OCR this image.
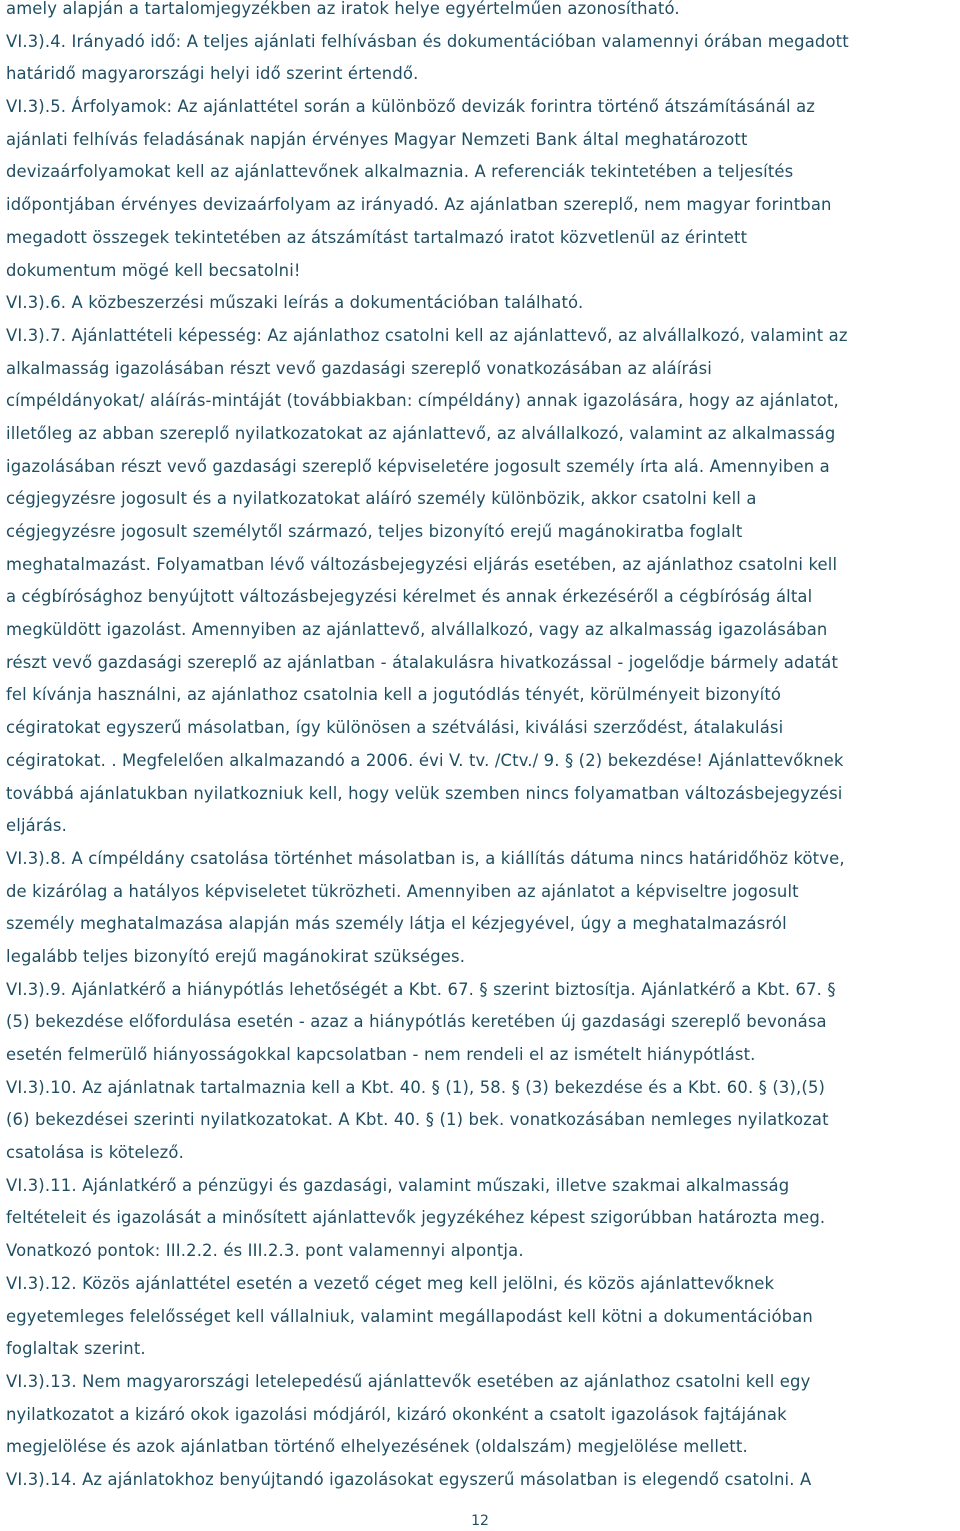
amely alapján a tartalomjegyzékben az iratok helye egyértelműen azonosítható.
VI.3).4. Irányadó idő: A teljes ajánlati felhívásban és dokumentációban valamennyi órában megadott
határidő magyarországi helyi idő szerint értendő.
VI.3).5. Árfolyamok: Az ajánlattétel során a különböző devizák forintra történő átszámításánál az
ajánlati felhívás feladásának napján érvényes Magyar Nemzeti Bank által meghatározott
devizaárfolyamokat kell az ajánlattevőnek alkalmaznia. A referenciák tekintetében a teljesítés
időpontjában érvényes devizaárfolyam az irányadó. Az ajánlatban szereplő, nem magyar forintban
megadott összegek tekintetében az átszámítást tartalmazó iratot közvetlenül az érintett
dokumentum mögé kell becsatolni!
VI.3).6. A közbeszerzési műszaki leírás a dokumentációban található.
VI.3).7. Ajánlattételi képesség: Az ajánlathoz csatolni kell az ajánlattevő, az alvállalkozó, valamint az
alkalmasság igazolásában részt vevő gazdasági szereplő vonatkozásában az aláírási
címpéldányokat/ aláírás-mintáját (továbbiakban: címpéldány) annak igazolására, hogy az ajánlatot,
illetőleg az abban szereplő nyilatkozatokat az ajánlattevő, az alvállalkozó, valamint az alkalmasság
igazolásában részt vevő gazdasági szereplő képviseletére jogosult személy írta alá. Amennyiben a
cégjegyzésre jogosult és a nyilatkozatokat aláíró személy különbözik, akkor csatolni kell a
cégjegyzésre jogosult személytől származó, teljes bizonyító erejű magánokiratba foglalt
meghatalmazást. Folyamatban lévő változásbejegyzési eljárás esetében, az ajánlathoz csatolni kell
a cégbírósághoz benyújtott változásbejegyzési kérelmet és annak érkezéséről a cégbíróság által
megküldött igazolást. Amennyiben az ajánlattevő, alvállalkozó, vagy az alkalmasság igazolásában
részt vevő gazdasági szereplő az ajánlatban - átalakulásra hivatkozással - jogelődje bármely adatát
fel kívánja használni, az ajánlathoz csatolnia kell a jogutódlás tényét, körülményeit bizonyító
cégiratokat egyszerű másolatban, így különösen a szétválási, kiválási szerződést, átalakulási
cégiratokat. . Megfelelően alkalmazandó a 2006. évi V. tv. /Ctv./ 9. § (2) bekezdése! Ajánlattevőknek
továbbá ajánlatukban nyilatkozniuk kell, hogy velük szemben nincs folyamatban változásbejegyzési
eljárás.
VI.3).8. A címpéldány csatolása történhet másolatban is, a kiállítás dátuma nincs határidőhöz kötve,
de kizárólag a hatályos képviseletet tükrözheti. Amennyiben az ajánlatot a képviseltre jogosult
személy meghatalmazása alapján más személy látja el kézjegyével, úgy a meghatalmazásról
legalább teljes bizonyító erejű magánokirat szükséges.
VI.3).9. Ajánlatkérő a hiánypótlás lehetőségét a Kbt. 67. § szerint biztosítja. Ajánlatkérő a Kbt. 67. §
(5) bekezdése előfordulása esetén - azaz a hiánypótlás keretében új gazdasági szereplő bevonása
esetén felmerülő hiányosságokkal kapcsolatban - nem rendeli el az ismételt hiánypótlást.
VI.3).10. Az ajánlatnak tartalmaznia kell a Kbt. 40. § (1), 58. § (3) bekezdése és a Kbt. 60. § (3),(5)
(6) bekezdései szerinti nyilatkozatokat. A Kbt. 40. § (1) bek. vonatkozásában nemleges nyilatkozat
csatolása is kötelező.
VI.3).11. Ajánlatkérő a pénzügyi és gazdasági, valamint műszaki, illetve szakmai alkalmasság
feltételeit és igazolását a minősített ajánlattevők jegyzékéhez képest szigorúbban határozta meg.
Vonatkozó pontok: III.2.2. és III.2.3. pont valamennyi alpontja.
VI.3).12. Közös ajánlattétel esetén a vezető céget meg kell jelölni, és közös ajánlattevőknek
egyetemleges felelősséget kell vállalniuk, valamint megállapodást kell kötni a dokumentációban
foglaltak szerint.
VI.3).13. Nem magyarországi letelepedésű ajánlattevők esetében az ajánlathoz csatolni kell egy
nyilatkozatot a kizáró okok igazolási módjáról, kizáró okonként a csatolt igazolások fajtájának
megjelölése és azok ajánlatban történő elhelyezésének (oldalszám) megjelölése mellett.
VI.3).14. Az ajánlatokhoz benyújtandó igazolásokat egyszerű másolatban is elegendő csatolni. A
12
